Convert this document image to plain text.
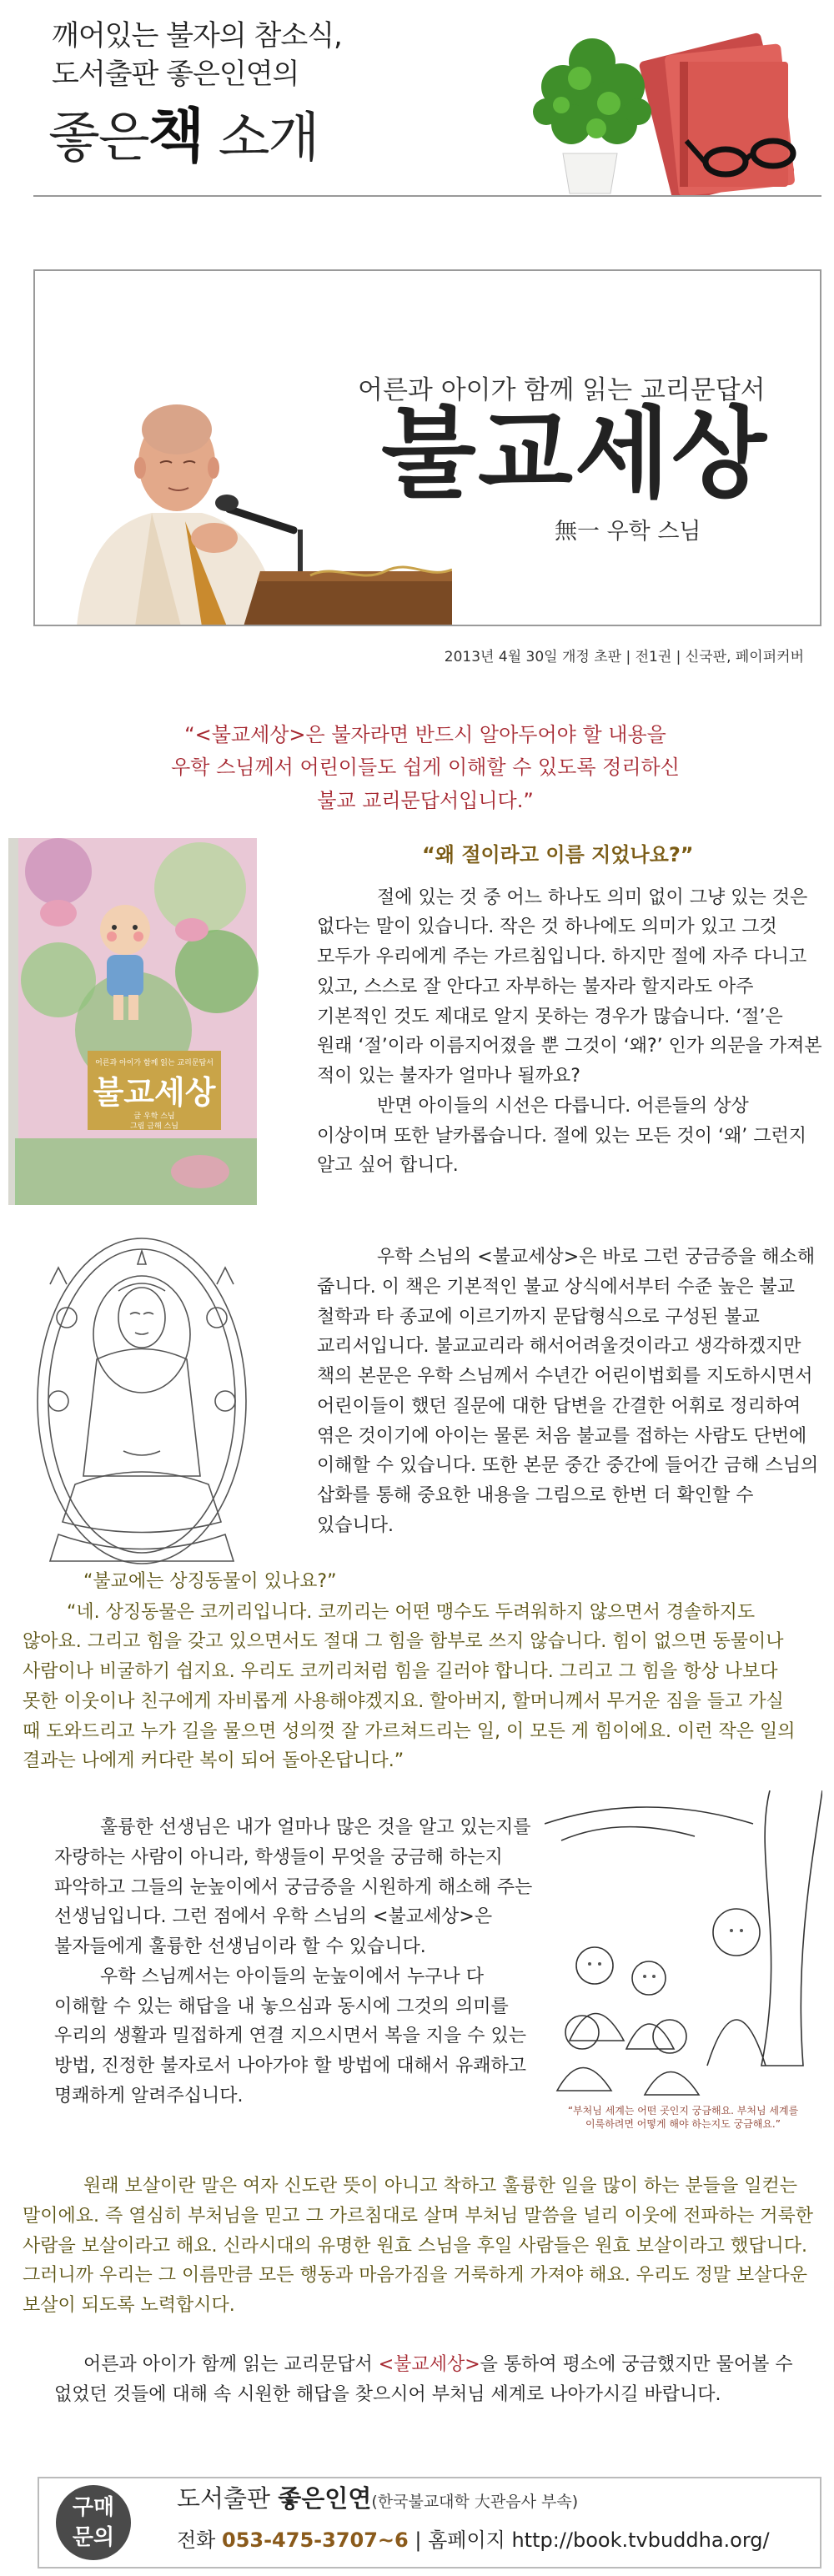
깨어있는 불자의 참소식,
도서출판 좋은인연의
좋은책 소개
어른과 아이가 함께 읽는 교리문답서
불교세상
無一 우학 스님
2013년 4월 30일 개정 초판 | 전1권 | 신국판, 페이퍼커버
“<불교세상>은 불자라면 반드시 알아두어야 할 내용을
우학 스님께서 어린이들도 쉽게 이해할 수 있도록 정리하신
불교 교리문답서입니다.”
어른과 아이가 함께 읽는 교리문답서
불교세상
글 우학 스님
그림 금해 스님
“왜 절이라고 이름 지었나요?”
절에 있는 것 중 어느 하나도 의미 없이 그냥 있는 것은
없다는 말이 있습니다. 작은 것 하나에도 의미가 있고 그것
모두가 우리에게 주는 가르침입니다. 하지만 절에 자주 다니고
있고, 스스로 잘 안다고 자부하는 불자라 할지라도 아주
기본적인 것도 제대로 알지 못하는 경우가 많습니다. ‘절’은
원래 ‘절’이라 이름지어졌을 뿐 그것이 ‘왜?’ 인가 의문을 가져본
적이 있는 불자가 얼마나 될까요?
반면 아이들의 시선은 다릅니다. 어른들의 상상
이상이며 또한 날카롭습니다. 절에 있는 모든 것이 ‘왜’ 그런지
알고 싶어 합니다.
우학 스님의 <불교세상>은 바로 그런 궁금증을 해소해
줍니다. 이 책은 기본적인 불교 상식에서부터 수준 높은 불교
철학과 타 종교에 이르기까지 문답형식으로 구성된 불교
교리서입니다. 불교교리라 해서어려울것이라고 생각하겠지만
책의 본문은 우학 스님께서 수년간 어린이법회를 지도하시면서
어린이들이 했던 질문에 대한 답변을 간결한 어휘로 정리하여
엮은 것이기에 아이는 물론 처음 불교를 접하는 사람도 단번에
이해할 수 있습니다. 또한 본문 중간 중간에 들어간 금해 스님의
삽화를 통해 중요한 내용을 그림으로 한번 더 확인할 수
있습니다.
“불교에는 상징동물이 있나요?”
“네. 상징동물은 코끼리입니다. 코끼리는 어떤 맹수도 두려워하지 않으면서 경솔하지도
않아요. 그리고 힘을 갖고 있으면서도 절대 그 힘을 함부로 쓰지 않습니다. 힘이 없으면 동물이나
사람이나 비굴하기 쉽지요. 우리도 코끼리처럼 힘을 길러야 합니다. 그리고 그 힘을 항상 나보다
못한 이웃이나 친구에게 자비롭게 사용해야겠지요. 할아버지, 할머니께서 무거운 짐을 들고 가실
때 도와드리고 누가 길을 물으면 성의껏 잘 가르쳐드리는 일, 이 모든 게 힘이에요. 이런 작은 일의
결과는 나에게 커다란 복이 되어 돌아온답니다.”
훌륭한 선생님은 내가 얼마나 많은 것을 알고 있는지를
자랑하는 사람이 아니라, 학생들이 무엇을 궁금해 하는지
파악하고 그들의 눈높이에서 궁금증을 시원하게 해소해 주는
선생님입니다. 그런 점에서 우학 스님의 <불교세상>은
불자들에게 훌륭한 선생님이라 할 수 있습니다.
우학 스님께서는 아이들의 눈높이에서 누구나 다
이해할 수 있는 해답을 내 놓으심과 동시에 그것의 의미를
우리의 생활과 밀접하게 연결 지으시면서 복을 지을 수 있는
방법, 진정한 불자로서 나아가야 할 방법에 대해서 유쾌하고
명쾌하게 알려주십니다.
“부처님 세계는 어떤 곳인지 궁금해요. 부처님 세계를
이룩하려면 어떻게 해야 하는지도 궁금해요.”
원래 보살이란 말은 여자 신도란 뜻이 아니고 착하고 훌륭한 일을 많이 하는 분들을 일컫는
말이에요. 즉 열심히 부처님을 믿고 그 가르침대로 살며 부처님 말씀을 널리 이웃에 전파하는 거룩한
사람을 보살이라고 해요. 신라시대의 유명한 원효 스님을 후일 사람들은 원효 보살이라고 했답니다.
그러니까 우리는 그 이름만큼 모든 행동과 마음가짐을 거룩하게 가져야 해요. 우리도 정말 보살다운
보살이 되도록 노력합시다.
어른과 아이가 함께 읽는 교리문답서 <불교세상>을 통하여 평소에 궁금했지만 물어볼 수
없었던 것들에 대해 속 시원한 해답을 찾으시어 부처님 세계로 나아가시길 바랍니다.
구매
문의
도서출판 좋은인연(한국불교대학 大관음사 부속)
전화 053-475-3707~6 | 홈페이지 http://book.tvbuddha.org/
